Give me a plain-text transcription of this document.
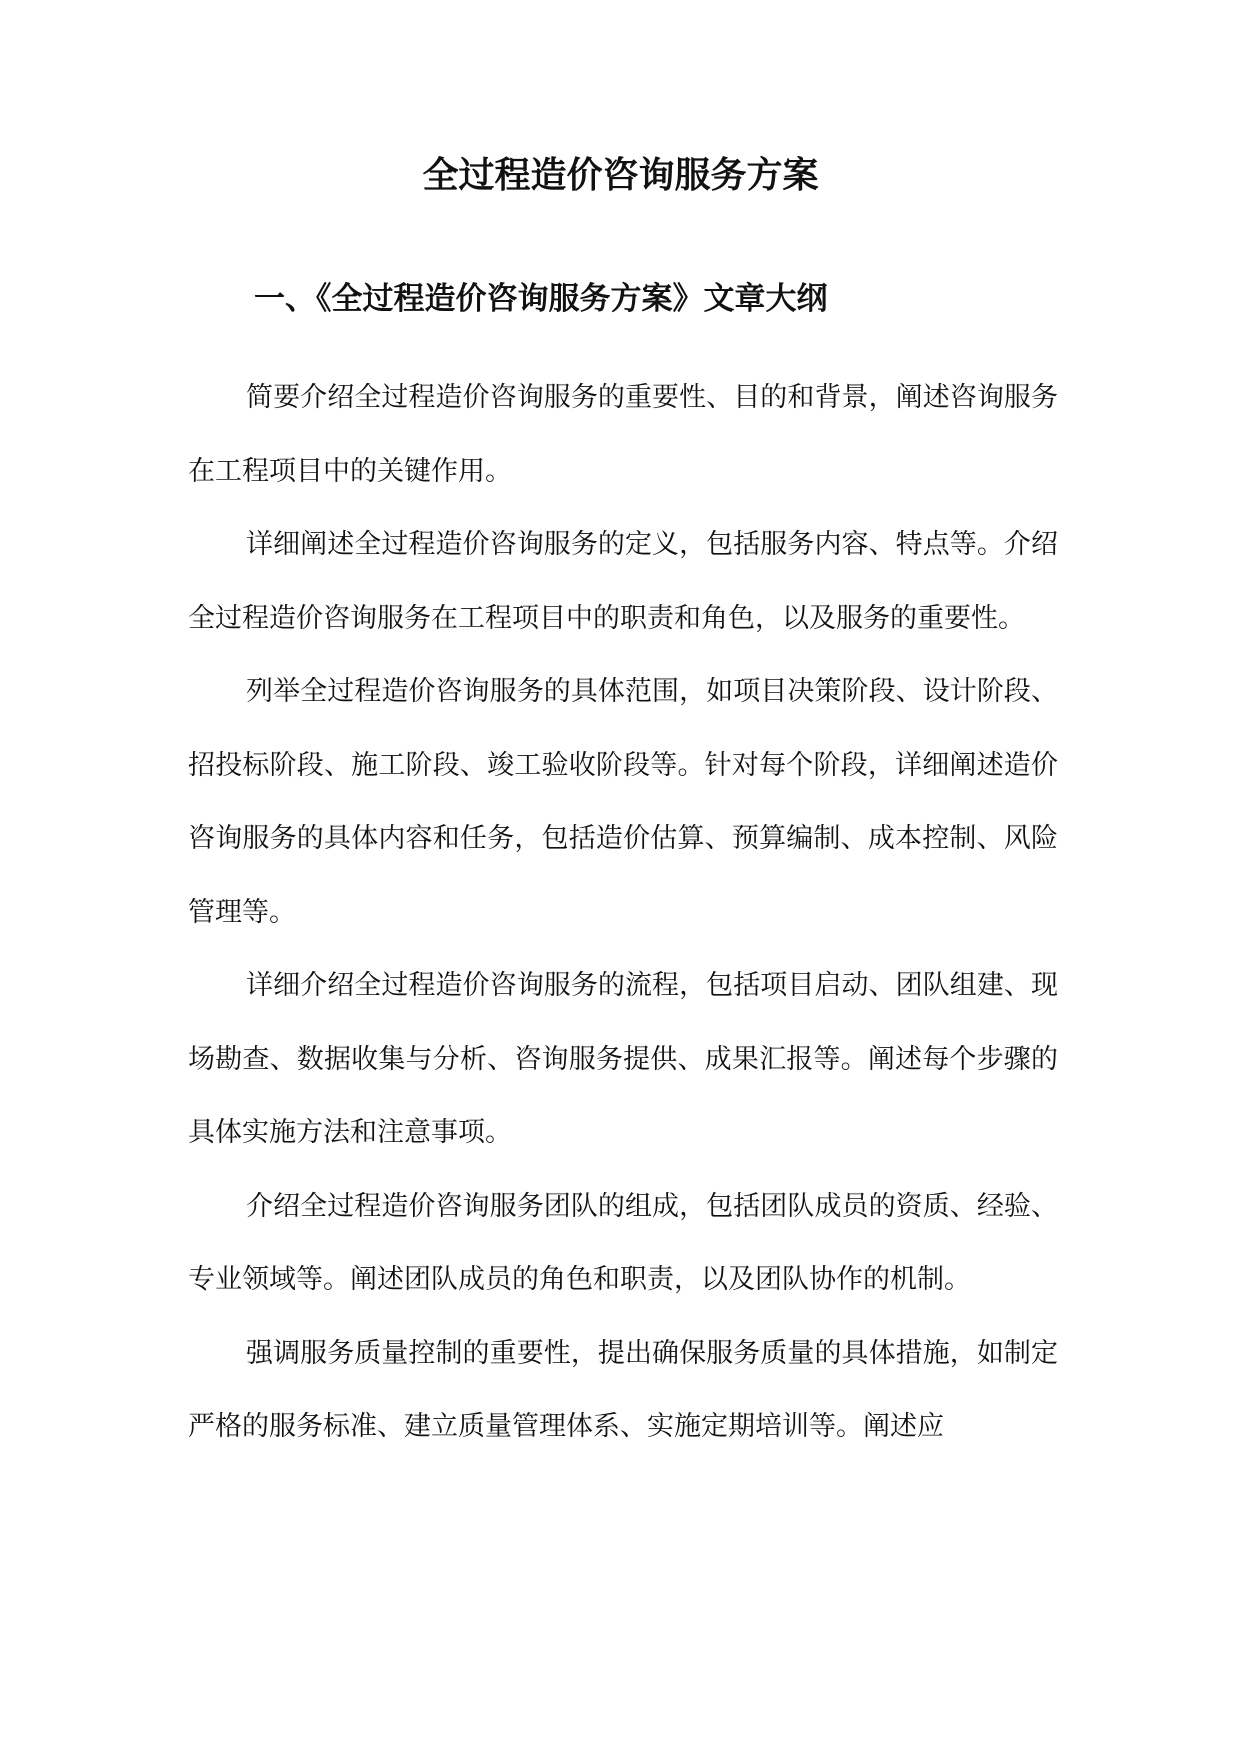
全过程造价咨询服务方案
一、《全过程造价咨询服务方案》文章大纲

简要介绍全过程造价咨询服务的重要性、目的和背景，阐述咨询服务在工程项目中的关键作用。

详细阐述全过程造价咨询服务的定义，包括服务内容、特点等。介绍全过程造价咨询服务在工程项目中的职责和角色，以及服务的重要性。

列举全过程造价咨询服务的具体范围，如项目决策阶段、设计阶段、招投标阶段、施工阶段、竣工验收阶段等。针对每个阶段，详细阐述造价咨询服务的具体内容和任务，包括造价估算、预算编制、成本控制、风险管理等。

详细介绍全过程造价咨询服务的流程，包括项目启动、团队组建、现场勘查、数据收集与分析、咨询服务提供、成果汇报等。阐述每个步骤的具体实施方法和注意事项。

介绍全过程造价咨询服务团队的组成，包括团队成员的资质、经验、专业领域等。阐述团队成员的角色和职责，以及团队协作的机制。

强调服务质量控制的重要性，提出确保服务质量的具体措施，如制定严格的服务标准、建立质量管理体系、实施定期培训等。阐述应
